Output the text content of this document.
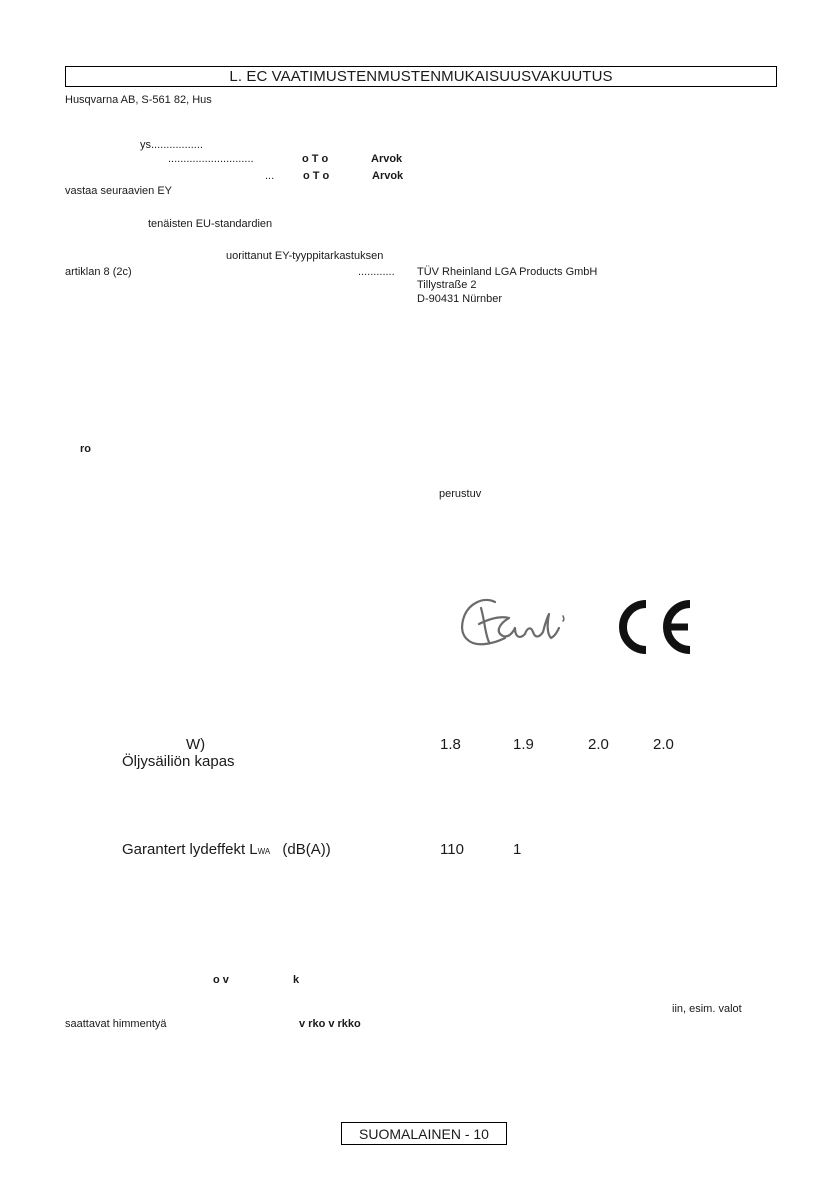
L. EC VAATIMUSTENMUSTENMUKAISUUSVAKUUTUS
Husqvarna AB, S-561 82, Hus
ys.................
............................	o T o	Arvok
...	o T o	Arvok
vastaa seuraavien EY
tenäisten EU-standardien
uorittanut EY-tyyppitarkastuksen
artiklan 8 (2c)	............ TÜV Rheinland LGA Products GmbH
Tillystraße 2
D-90431 Nürnber
ro
perustuv
W)	1.8	1.9	2.0	2.0
Öljysäiliön kapas
Garantert lydeffekt LWA (dB(A))	110	1
o v	k
iin, esim. valot
saattavat himmentyä	v rko v rkko
SUOMALAINEN - 10
